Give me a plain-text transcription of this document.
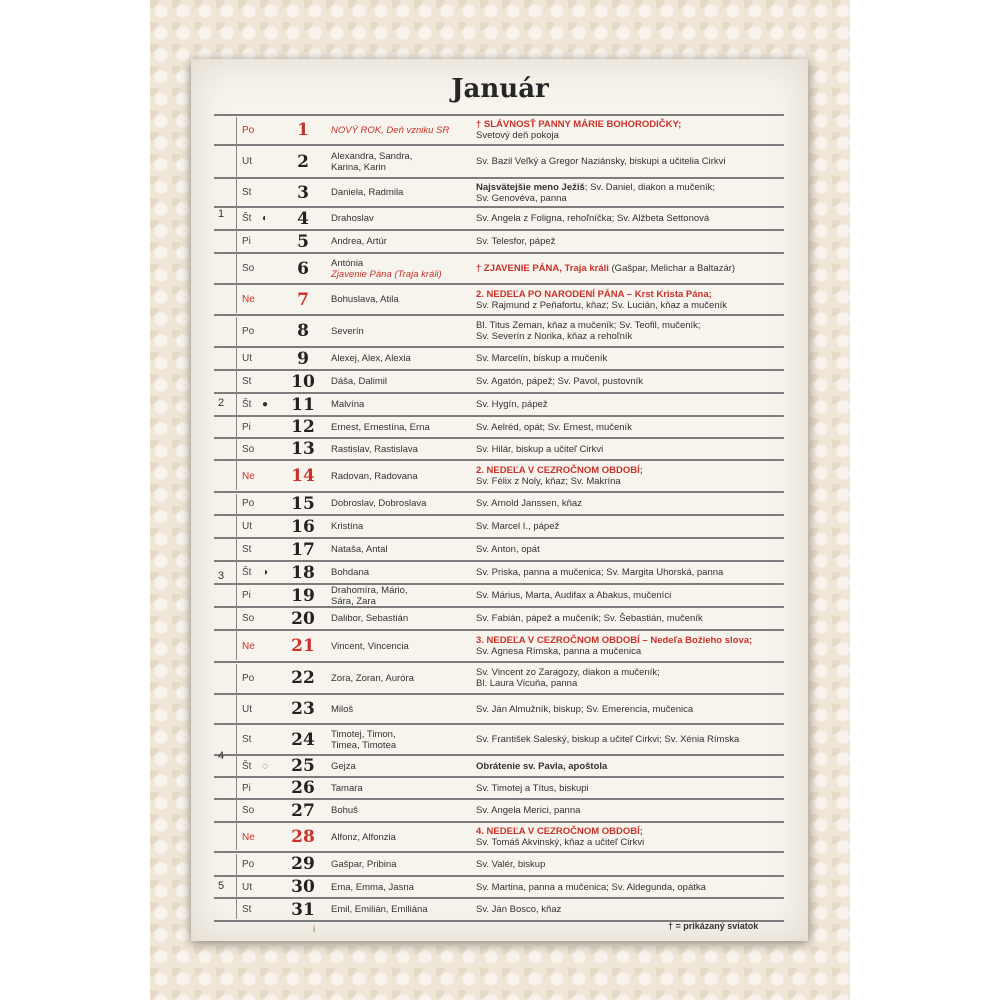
Január
1
2
3
4
5
Po	1	NOVÝ ROK, Deň vzniku SR	† SLÁVNOSŤ PANNY MÁRIE BOHORODIČKY;
Svetový deň pokoja
Ut	2	Alexandra, Sandra,
Karina, Karin	Sv. Bazil Veľký a Gregor Naziánsky, biskupi a učitelia Cirkvi
St	3	Daniela, Radmila	Najsvätejšie meno Ježiš; Sv. Daniel, diakon a mučeník;
Sv. Genovéva, panna
Št	◐	4	Drahoslav	Sv. Angela z Foligna, rehoľníčka; Sv. Alžbeta Settonová
Pi	5	Andrea, Artúr	Sv. Telesfor, pápež
So	6	Antónia
Zjavenie Pána (Traja králi)	† ZJAVENIE PÁNA, Traja králi (Gašpar, Melichar a Baltazár)
Ne	7	Bohuslava, Atila	2. NEDEĽA PO NARODENÍ PÁNA – Krst Krista Pána;
Sv. Rajmund z Peňafortu, kňaz; Sv. Lucián, kňaz a mučeník
Po	8	Severín	Bl. Titus Zeman, kňaz a mučeník; Sv. Teofil, mučeník;
Sv. Severín z Norika, kňaz a rehoľník
Ut	9	Alexej, Alex, Alexia	Sv. Marcelín, biskup a mučeník
St	10 Dáša, Dalimil	Sv. Agatón, pápež; Sv. Pavol, pustovník
Št	●	11 Malvína	Sv. Hygín, pápež
Pi	12 Ernest, Ernestína, Erna	Sv. Aelréd, opát; Sv. Ernest, mučeník
So	13 Rastislav, Rastislava	Sv. Hilár, biskup a učiteľ Cirkvi
Ne	14 Radovan, Radovana	2. NEDEĽA V CEZROČNOM OBDOBÍ;
Sv. Félix z Noly, kňaz; Sv. Makrína
Po	15 Dobroslav, Dobroslava	Sv. Arnold Janssen, kňaz
Ut	16 Kristína	Sv. Marcel I., pápež
St	17 Nataša, Antal	Sv. Anton, opát
Št	◑	18 Bohdana	Sv. Priska, panna a mučenica; Sv. Margita Uhorská, panna
Pi	19 Drahomíra, Mário,
Sára, Zara	Sv. Márius, Marta, Audifax a Abakus, mučeníci
So	20 Dalibor, Sebastián	Sv. Fabián, pápež a mučeník; Sv. Šebastián, mučeník
Ne	21 Vincent, Vincencia	3. NEDEĽA V CEZROČNOM OBDOBÍ – Nedeľa Božieho slova;
Sv. Agnesa Rímska, panna a mučenica
Po	22 Zora, Zoran, Auróra	Sv. Vincent zo Zaragozy, diakon a mučeník;
Bl. Laura Vicuňa, panna
Ut	23 Miloš	Sv. Ján Almužník, biskup; Sv. Emerencia, mučenica
St	24 Timotej, Timon,
Timea, Timotea	Sv. František Saleský, biskup a učiteľ Cirkvi; Sv. Xénia Rímska
Št	◌	25 Gejza	Obrátenie sv. Pavla, apoštola
Pi	26 Tamara	Sv. Timotej a Títus, biskupi
So	27 Bohuš	Sv. Angela Merici, panna
Ne	28 Alfonz, Alfonzia	4. NEDEĽA V CEZROČNOM OBDOBÍ;
Sv. Tomáš Akvinský, kňaz a učiteľ Cirkvi
Po	29 Gašpar, Pribina	Sv. Valér, biskup
Ut	30 Ema, Emma, Jasna	Sv. Martina, panna a mučenica; Sv. Aldegunda, opátka
St	31 Emil, Emilián, Emiliána	Sv. Ján Bosco, kňaz
† = prikázaný sviatok
i
